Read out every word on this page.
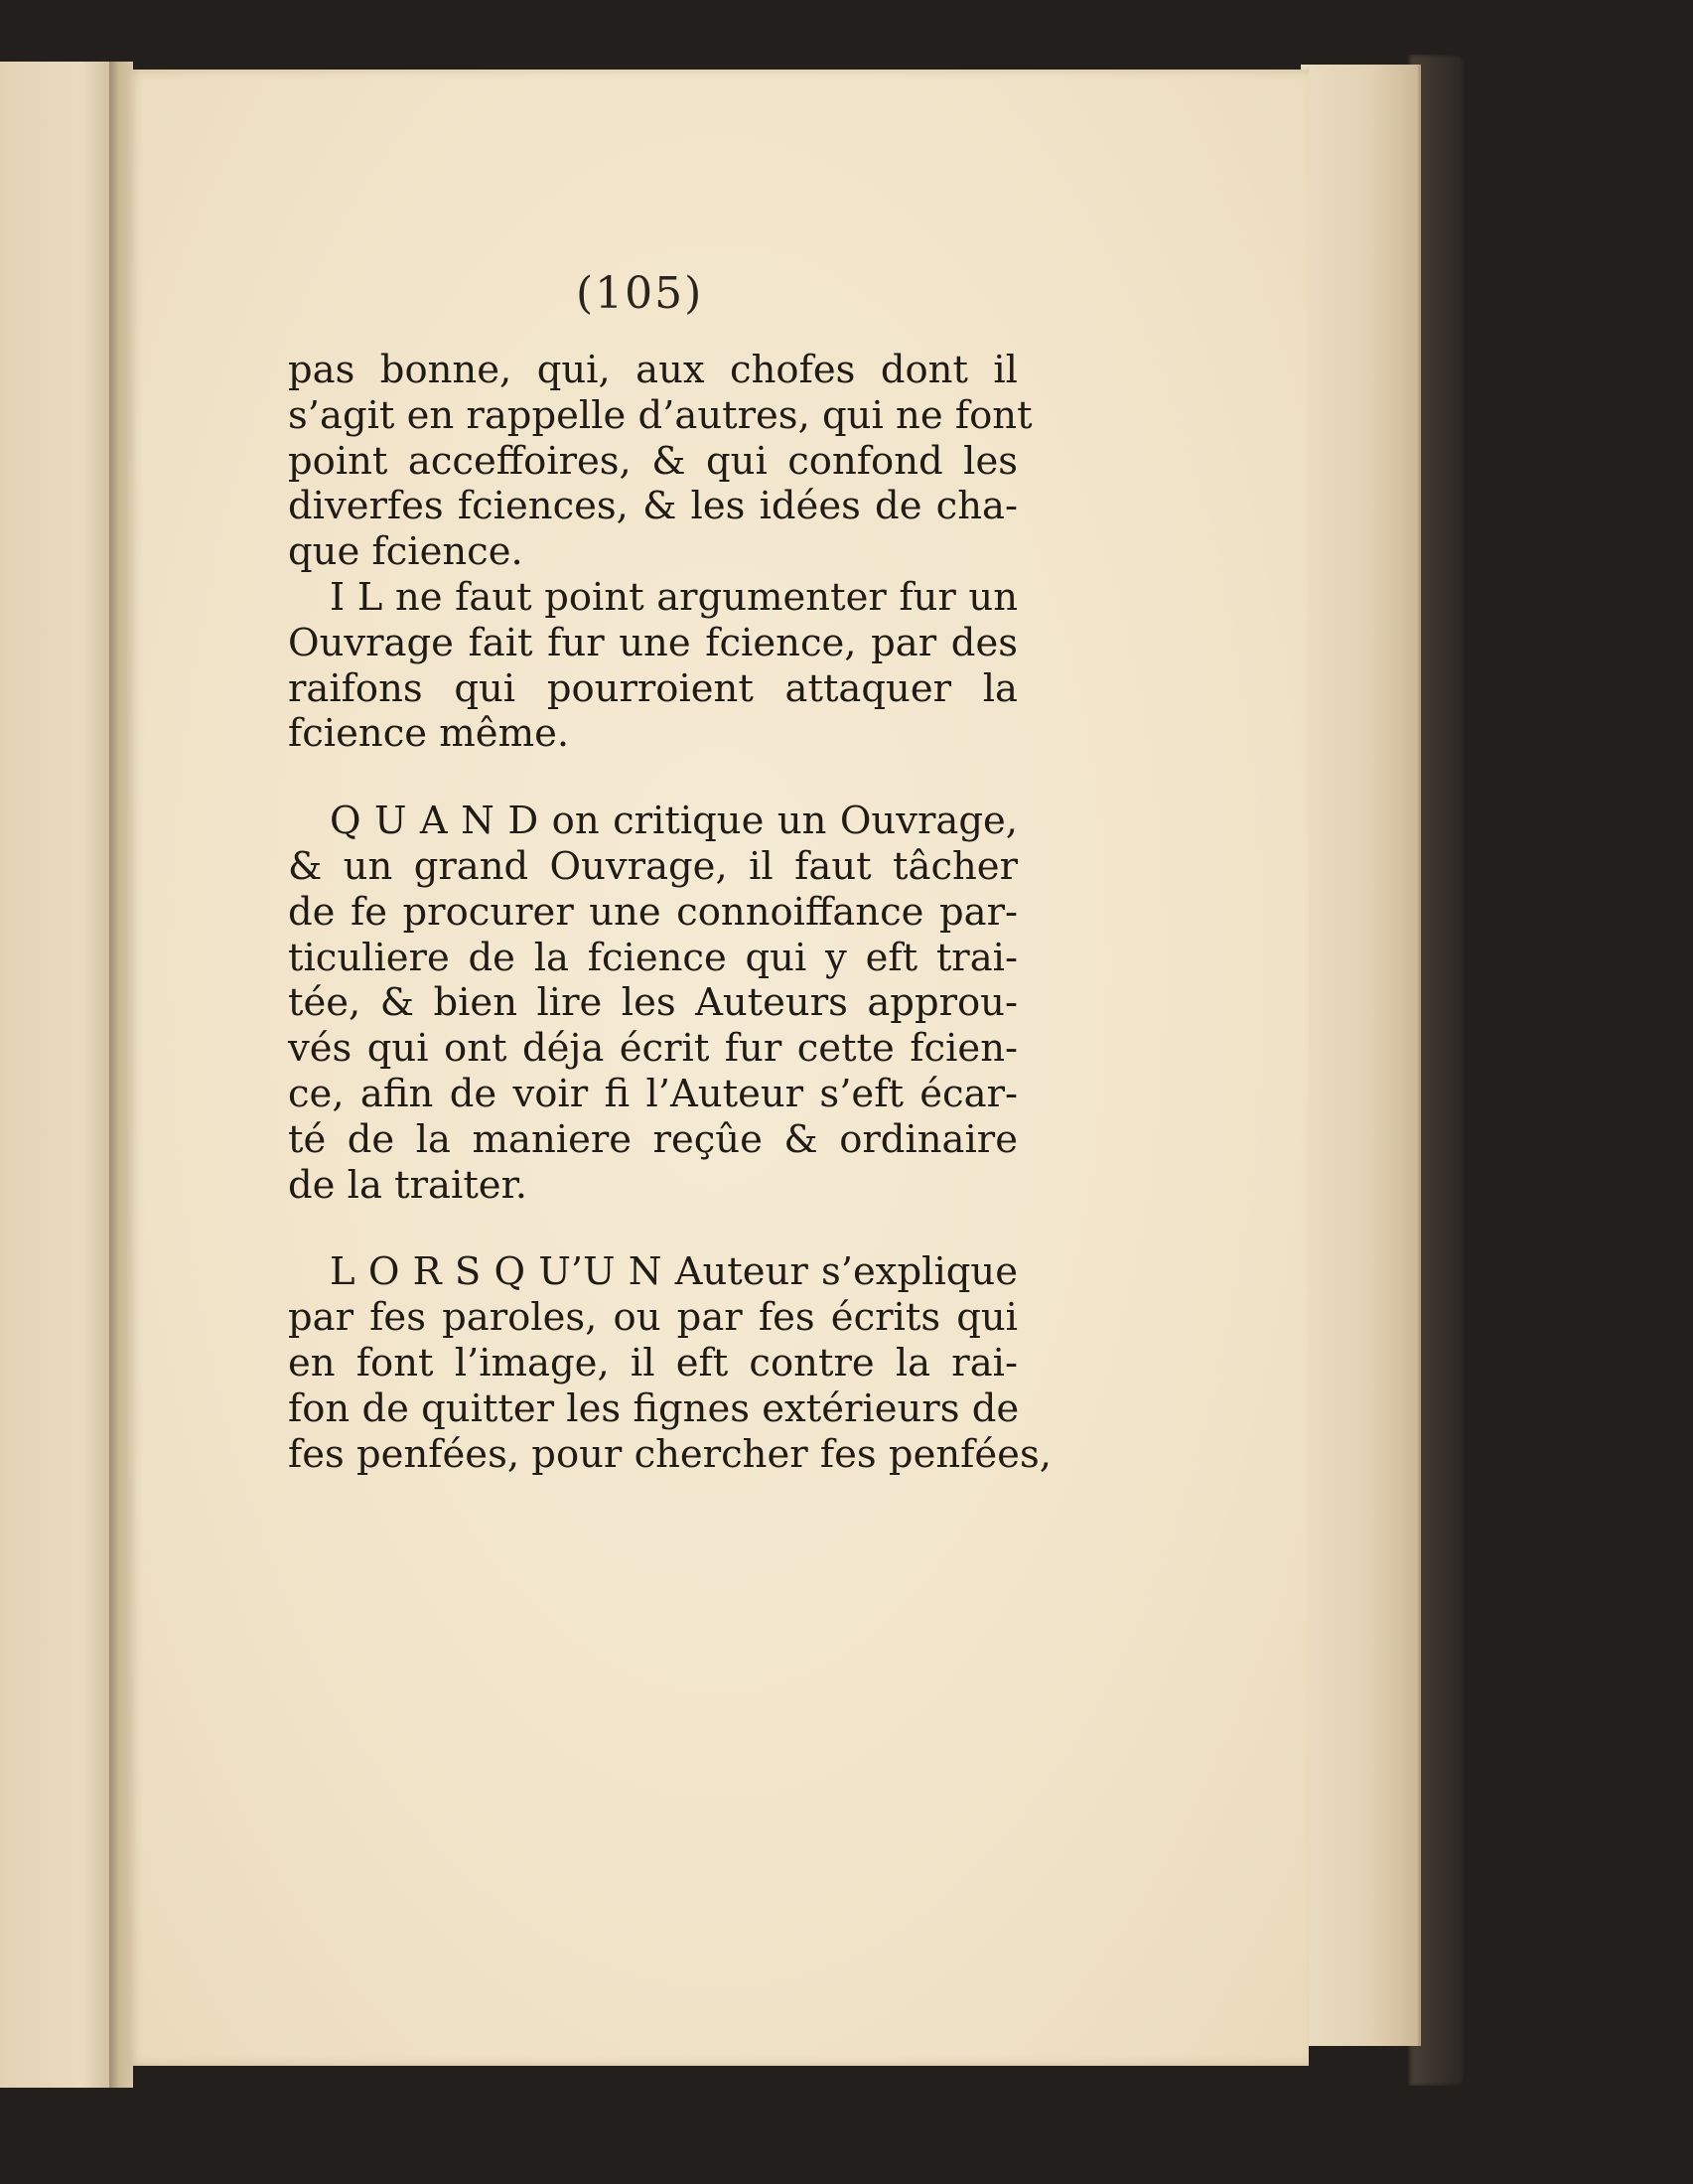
(105)

pas bonne, qui, aux chofes dont il
s’agit en rappelle d’autres, qui ne font
point acceffoires, & qui confond les
diverfes fciences, & les idées de cha-
que fcience.

I L ne faut point argumenter fur un
Ouvrage fait fur une fcience, par des
raifons qui pourroient attaquer la
fcience même.

Q U A N D on critique un Ouvrage,
& un grand Ouvrage, il faut tâcher
de fe procurer une connoiffance par-
ticuliere de la fcience qui y eft trai-
tée, & bien lire les Auteurs approu-
vés qui ont déja écrit fur cette fcien-
ce, afin de voir fi l’Auteur s’eft écar-
té de la maniere reçûe & ordinaire
de la traiter.

L O R S Q U’U N Auteur s’explique
par fes paroles, ou par fes écrits qui
en font l’image, il eft contre la rai-
fon de quitter les fignes extérieurs de
fes penfées, pour chercher fes penfées,
